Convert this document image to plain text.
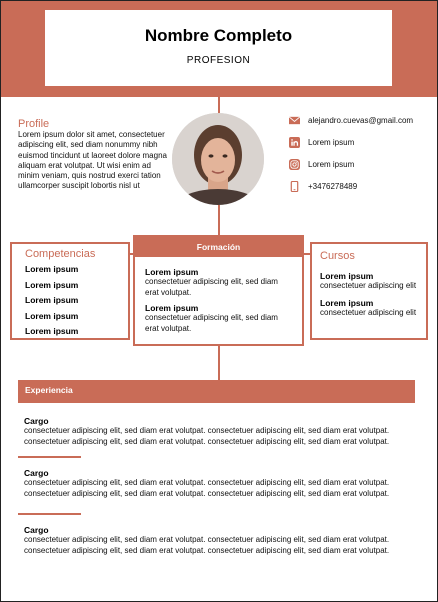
Nombre Completo
PROFESION
Profile
Lorem ipsum dolor sit amet, consectetuer adipiscing elit, sed diam nonummy nibh euismod tincidunt ut laoreet dolore magna aliquam erat volutpat. Ut wisi enim ad minim veniam, quis nostrud exerci tation ullamcorper suscipit lobortis nisl ut
alejandro.cuevas@gmail.com
Lorem ipsum
Lorem ipsum
+3476278489
Competencias
Lorem ipsum
Lorem ipsum
Lorem ipsum
Lorem ipsum
Lorem ipsum
Formación
Lorem ipsum
consectetuer adipiscing elit, sed diam erat volutpat.
Lorem ipsum
consectetuer adipiscing elit, sed diam erat volutpat.
Cursos
Lorem ipsum
consectetuer adipiscing elit
Lorem ipsum
consectetuer adipiscing elit
Experiencia
Cargo
consectetuer adipiscing elit, sed diam erat volutpat. consectetuer adipiscing elit, sed diam erat volutpat.
consectetuer adipiscing elit, sed diam erat volutpat. consectetuer adipiscing elit, sed diam erat volutpat.
Cargo
consectetuer adipiscing elit, sed diam erat volutpat. consectetuer adipiscing elit, sed diam erat volutpat.
consectetuer adipiscing elit, sed diam erat volutpat. consectetuer adipiscing elit, sed diam erat volutpat.
Cargo
consectetuer adipiscing elit, sed diam erat volutpat. consectetuer adipiscing elit, sed diam erat volutpat.
consectetuer adipiscing elit, sed diam erat volutpat. consectetuer adipiscing elit, sed diam erat volutpat.
